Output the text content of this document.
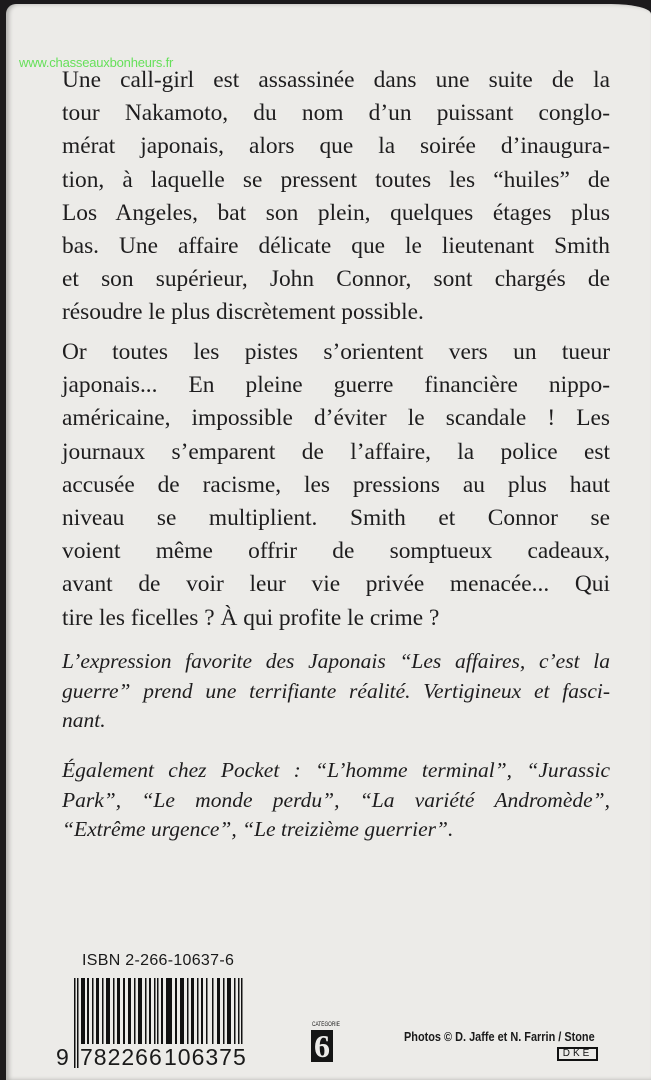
www.chasseauxbonheurs.fr

Une call-girl est assassinée dans une suite de la
tour Nakamoto, du nom d’un puissant conglo-
mérat japonais, alors que la soirée d’inaugura-
tion, à laquelle se pressent toutes les “huiles” de
Los Angeles, bat son plein, quelques étages plus
bas. Une affaire délicate que le lieutenant Smith
et son supérieur, John Connor, sont chargés de
résoudre le plus discrètement possible.

Or toutes les pistes s’orientent vers un tueur
japonais... En pleine guerre financière nippo-
américaine, impossible d’éviter le scandale ! Les
journaux s’emparent de l’affaire, la police est
accusée de racisme, les pressions au plus haut
niveau se multiplient. Smith et Connor se
voient même offrir de somptueux cadeaux,
avant de voir leur vie privée menacée... Qui
tire les ficelles ? À qui profite le crime ?

L’expression favorite des Japonais “Les affaires, c’est la
guerre” prend une terrifiante réalité. Vertigineux et fasci-
nant.

Également chez Pocket : “L’homme terminal”, “Jurassic
Park”, “Le monde perdu”, “La variété Andromède”,
“Extrême urgence”, “Le treizième guerrier”.

ISBN 2-266-10637-6
9 782266 106375
CATÉGORIE
6	Photos © D. Jaffe et N. Farrin / Stone
DKE
